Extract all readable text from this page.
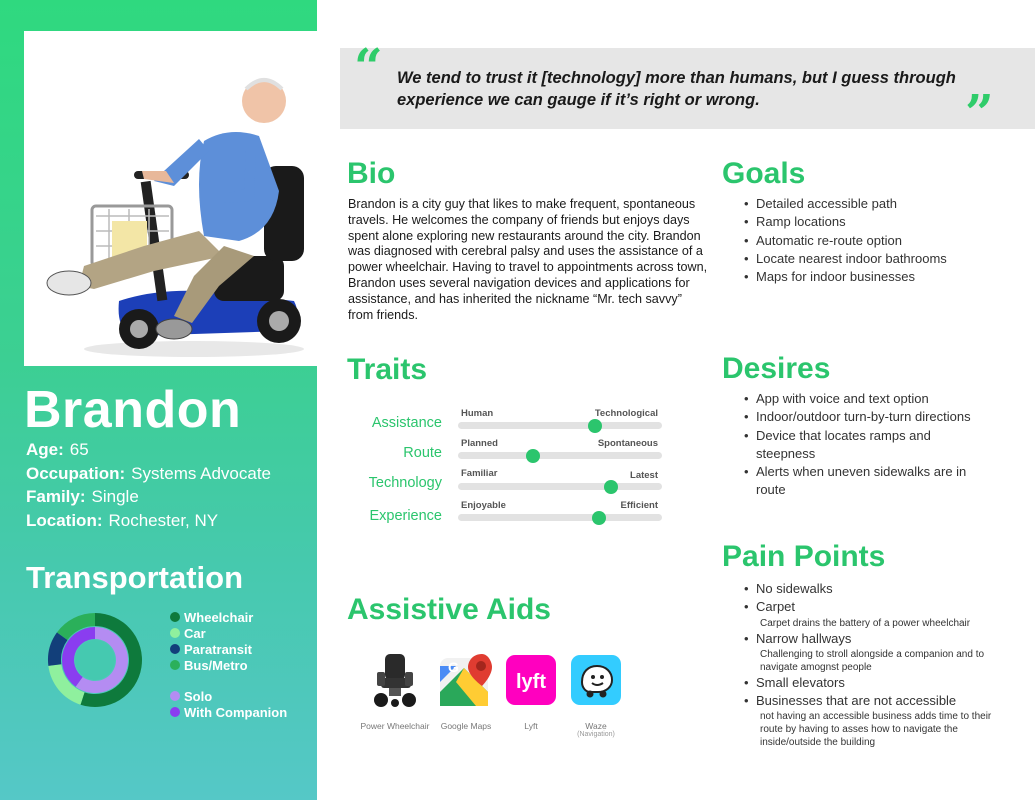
Brandon
Age: 65
Occupation: Systems Advocate
Family: Single
Location: Rochester, NY
Transportation
Wheelchair
Car
Paratransit
Bus/Metro
Solo
With Companion
“ We tend to trust it [technology] more than humans, but I guess through experience we can gauge if it’s right or wrong.	”
Bio
Brandon is a city guy that likes to make frequent, spontaneous travels. He welcomes the company of friends but enjoys days spent alone exploring new restaurants around the city. Brandon was diagnosed with cerebral palsy and uses the assistance of a power wheelchair. Having to travel to appointments across town, Brandon uses several navigation devices and applications for assistance, and has inherited the nickname “Mr. tech savvy” from friends.
Goals
• Detailed accessible path
• Ramp locations
• Automatic re-route option
• Locate nearest indoor bathrooms
• Maps for indoor businesses
Traits
Assistance
Human	Technological
Route
Planned	Spontaneous
Technology
Familiar	Latest
Experience
Enjoyable	Efficient
Desires
• App with voice and text option
• Indoor/outdoor turn-by-turn directions
• Device that locates ramps and steepness
• Alerts when uneven sidewalks are in route
Pain Points
• No sidewalks
• Carpet
Carpet drains the battery of a power wheelchair
• Narrow hallways
Challenging to stroll alongside a companion and to navigate amognst people
• Small elevators
• Businesses that are not accessible
not having an accessible business adds time to their route by having to asses how to navigate the inside/outside the building
Assistive Aids
Power Wheelchair
G
Google Maps
lyft
Lyft	Waze
(Navigation)
